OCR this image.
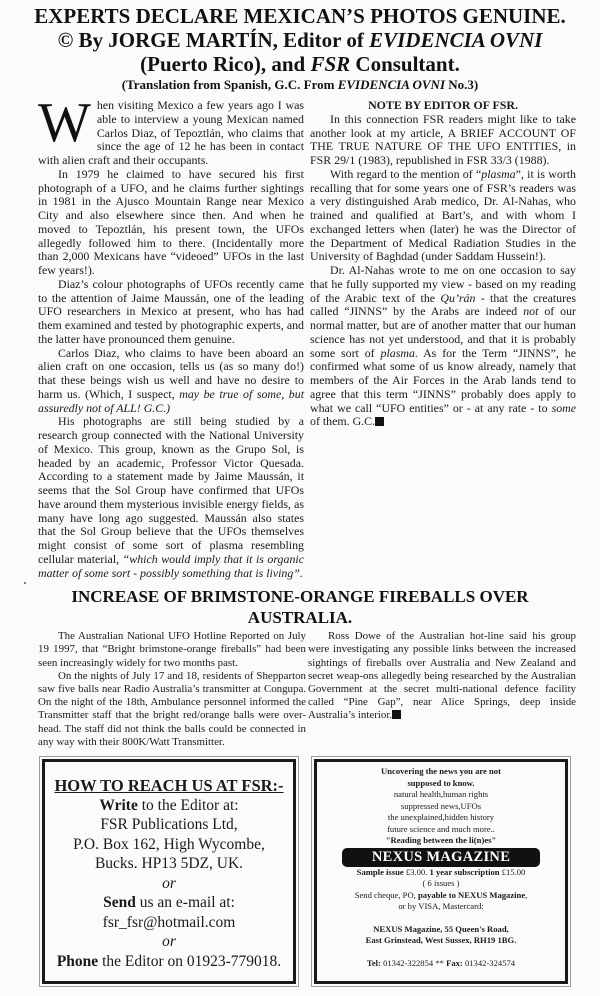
EXPERTS DECLARE MEXICAN’S PHOTOS GENUINE.
© By JORGE MARTÍN, Editor of EVIDENCIA OVNI
(Puerto Rico), and FSR Consultant.
(Translation from Spanish, G.C. From EVIDENCIA OVNI No.3)

When visiting Mexico a few years ago I was able to interview a young Mexican named Carlos Diaz, of Tepoztlán, who claims that since the age of 12 he has been in contact with alien craft and their occupants.

In 1979 he claimed to have secured his first photograph of a UFO, and he claims further sightings in 1981 in the Ajusco Mountain Range near Mexico City and also elsewhere since then. And when he moved to Tepoztlán, his present town, the UFOs allegedly followed him to there. (Incidentally more than 2,000 Mexicans have “videoed” UFOs in the last few years!).

Diaz’s colour photographs of UFOs recently came to the attention of Jaime Maussán, one of the leading UFO researchers in Mexico at present, who has had them examined and tested by photographic experts, and the latter have pronounced them genuine.

Carlos Diaz, who claims to have been aboard an alien craft on one occasion, tells us (as so many do!) that these beings wish us well and have no desire to harm us. (Which, I suspect, may be true of some, but assuredly not of ALL! G.C.)

His photographs are still being studied by a research group connected with the National University of Mexico. This group, known as the Grupo Sol, is headed by an academic, Professor Victor Quesada. According to a statement made by Jaime Maussán, it seems that the Sol Group have confirmed that UFOs have around them mysterious invisible energy fields, as many have long ago suggested. Maussán also states that the Sol Group believe that the UFOs themselves might consist of some sort of plasma resembling cellular material, “which would imply that it is organic matter of some sort - possibly something that is living”.

NOTE BY EDITOR OF FSR.

In this connection FSR readers might like to take another look at my article, A BRIEF ACCOUNT OF THE TRUE NATURE OF THE UFO ENTITIES, in FSR 29/1 (1983), republished in FSR 33/3 (1988).

With regard to the mention of “plasma”, it is worth recalling that for some years one of FSR’s readers was a very distinguished Arab medico, Dr. Al-Nahas, who trained and qualified at Bart’s, and with whom I exchanged letters when (later) he was the Director of the Department of Medical Radiation Studies in the University of Baghdad (under Saddam Hussein!).

Dr. Al-Nahas wrote to me on one occasion to say that he fully supported my view - based on my reading of the Arabic text of the Qu’rán - that the creatures called “JINNS” by the Arabs are indeed not of our normal matter, but are of another matter that our human science has not yet understood, and that it is probably some sort of plasma. As for the Term “JINNS”, he confirmed what some of us know already, namely that members of the Air Forces in the Arab lands tend to agree that this term “JINNS” probably does apply to what we call “UFO entities” or - at any rate - to some of them. G.C.

INCREASE OF BRIMSTONE-ORANGE FIREBALLS OVER AUSTRALIA.

The Australian National UFO Hotline Reported on July 19 1997, that “Bright brimstone-orange fireballs” had been seen increasingly widely for two months past.

On the nights of July 17 and 18, residents of Shepparton saw five balls near Radio Australia’s transmitter at Congupa. On the night of the 18th, Ambulance personnel informed the Transmitter staff that the bright red/orange balls were over-head. The staff did not think the balls could be connected in any way with their 800K/Watt Transmitter.

Ross Dowe of the Australian hot-line said his group were investigating any possible links between the increased sightings of fireballs over Australia and New Zealand and secret weap-ons allegedly being researched by the Australian Government at the secret multi-national defence facility called “Pine Gap”, near Alice Springs, deep inside Australia’s interior.

HOW TO REACH US AT FSR:-
Write to the Editor at:
FSR Publications Ltd,
P.O. Box 162, High Wycombe,
Bucks. HP13 5DZ, UK.
or
Send us an e-mail at:
fsr_fsr@hotmail.com
or
Phone the Editor on 01923-779018.
Uncovering the news you are not
supposed to know.
natural health,human rights
suppressed news,UFOs
the unexplained,hidden history
future science and much more..
"Reading between the li(n)es"
NEXUS MAGAZINE
Sample issue £3.00. 1 year subscription £15.00
( 6 issues )
Send cheque, PO, payable to NEXUS Magazine,
or by VISA, Mastercard:
NEXUS Magazine, 55 Queen's Road,
East Grinstead, West Sussex, RH19 1BG.
Tel: 01342-322854 ** Fax: 01342-324574
